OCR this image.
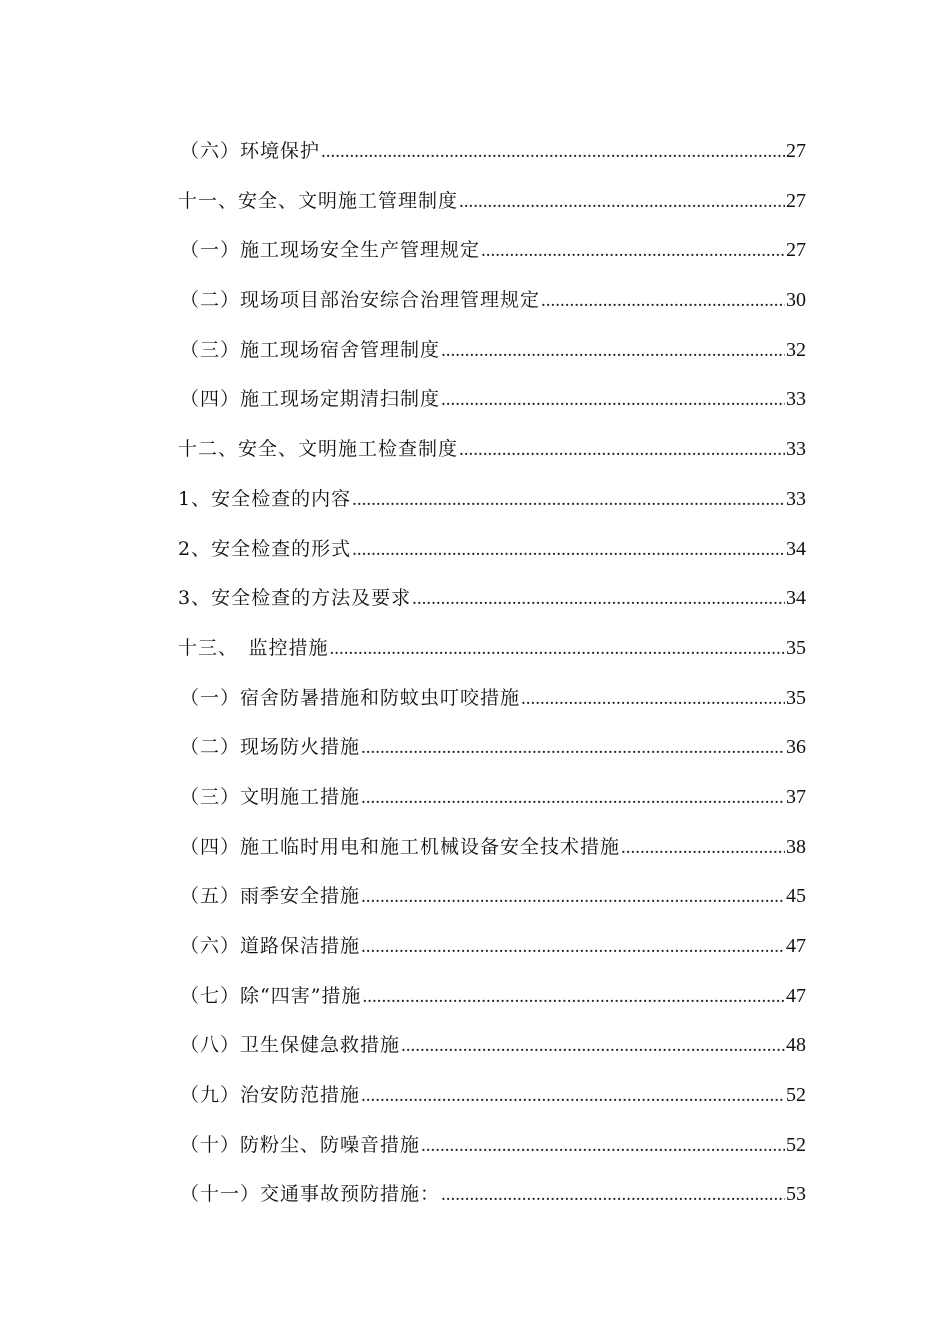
（六）环境保护 .....	27
十一、安全、文明施工管理制度 .....	27
（一）施工现场安全生产管理规定 .....	27
（二）现场项目部治安综合治理管理规定 .....	30
（三）施工现场宿舍管理制度 .....	32
（四）施工现场定期清扫制度 .....	33
十二、安全、文明施工检查制度 .....	33
1、安全检查的内容 .....	33
2、安全检查的形式 .....	34
3、安全检查的方法及要求 .....	34
十三、　监控措施 .....	35
（一）宿舍防暑措施和防蚊虫叮咬措施 .....	35
（二）现场防火措施 .....	36
（三）文明施工措施 .....	37
（四）施工临时用电和施工机械设备安全技术措施 .....	38
（五）雨季安全措施 .....	45
（六）道路保洁措施 .....	47
（七）除“四害”措施 .....	47
（八）卫生保健急救措施 .....	48
（九）治安防范措施 .....	52
（十）防粉尘、防噪音措施 .....	52
（十一）交通事故预防措施： .....	53
